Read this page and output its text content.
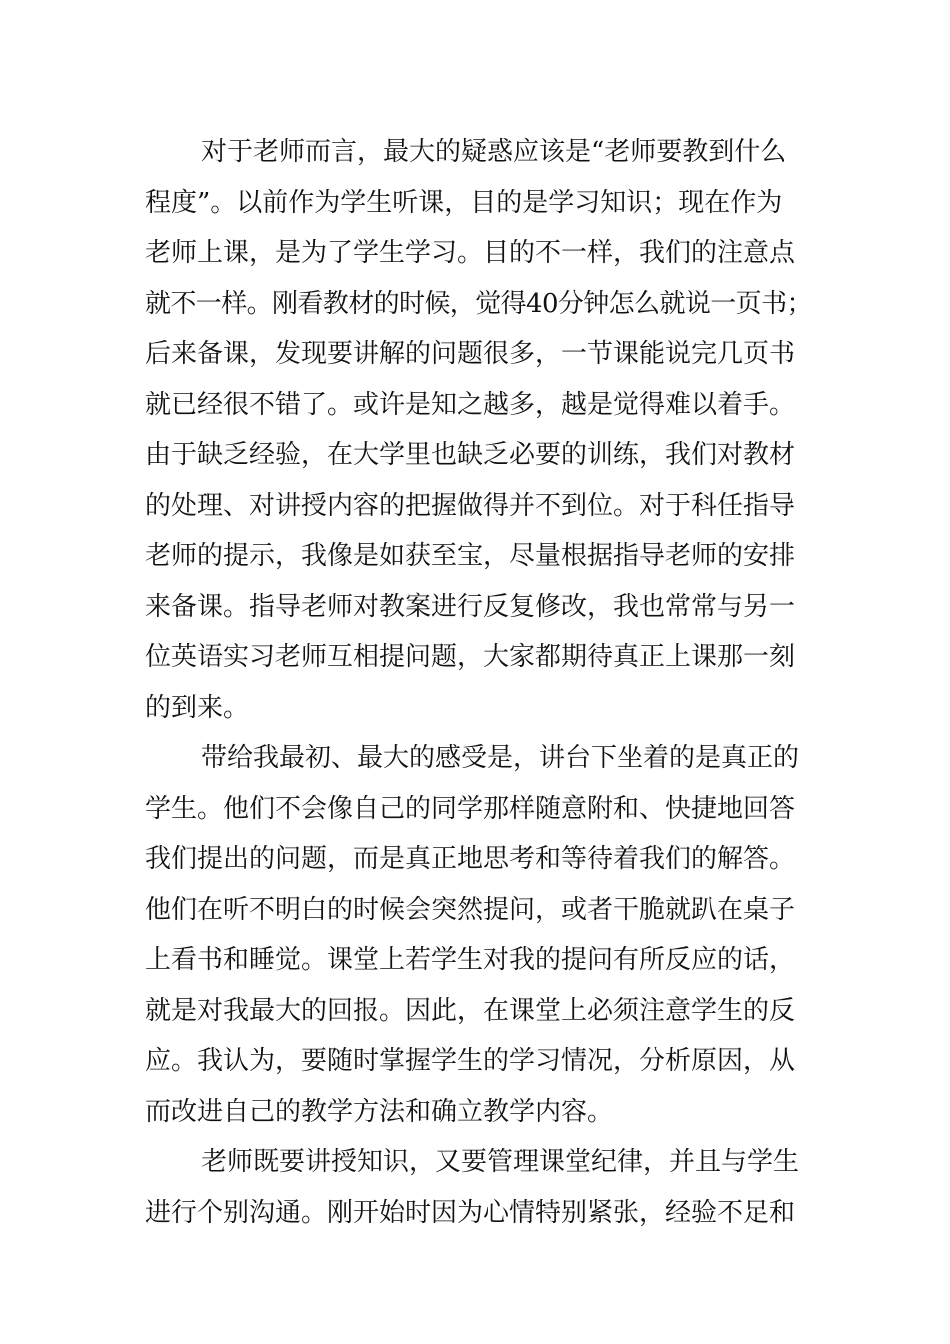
对于老师而言，最大的疑惑应该是“老师要教到什么
程度”。以前作为学生听课，目的是学习知识；现在作为
老师上课，是为了学生学习。目的不一样，我们的注意点
就不一样。刚看教材的时候，觉得40分钟怎么就说一页书；
后来备课，发现要讲解的问题很多，一节课能说完几页书
就已经很不错了。或许是知之越多，越是觉得难以着手。
由于缺乏经验，在大学里也缺乏必要的训练，我们对教材
的处理、对讲授内容的把握做得并不到位。对于科任指导
老师的提示，我像是如获至宝，尽量根据指导老师的安排
来备课。指导老师对教案进行反复修改，我也常常与另一
位英语实习老师互相提问题，大家都期待真正上课那一刻
的到来。
带给我最初、最大的感受是，讲台下坐着的是真正的
学生。他们不会像自己的同学那样随意附和、快捷地回答
我们提出的问题，而是真正地思考和等待着我们的解答。
他们在听不明白的时候会突然提问，或者干脆就趴在桌子
上看书和睡觉。课堂上若学生对我的提问有所反应的话，
就是对我最大的回报。因此，在课堂上必须注意学生的反
应。我认为，要随时掌握学生的学习情况，分析原因，从
而改进自己的教学方法和确立教学内容。
老师既要讲授知识，又要管理课堂纪律，并且与学生
进行个别沟通。刚开始时因为心情特别紧张，经验不足和
